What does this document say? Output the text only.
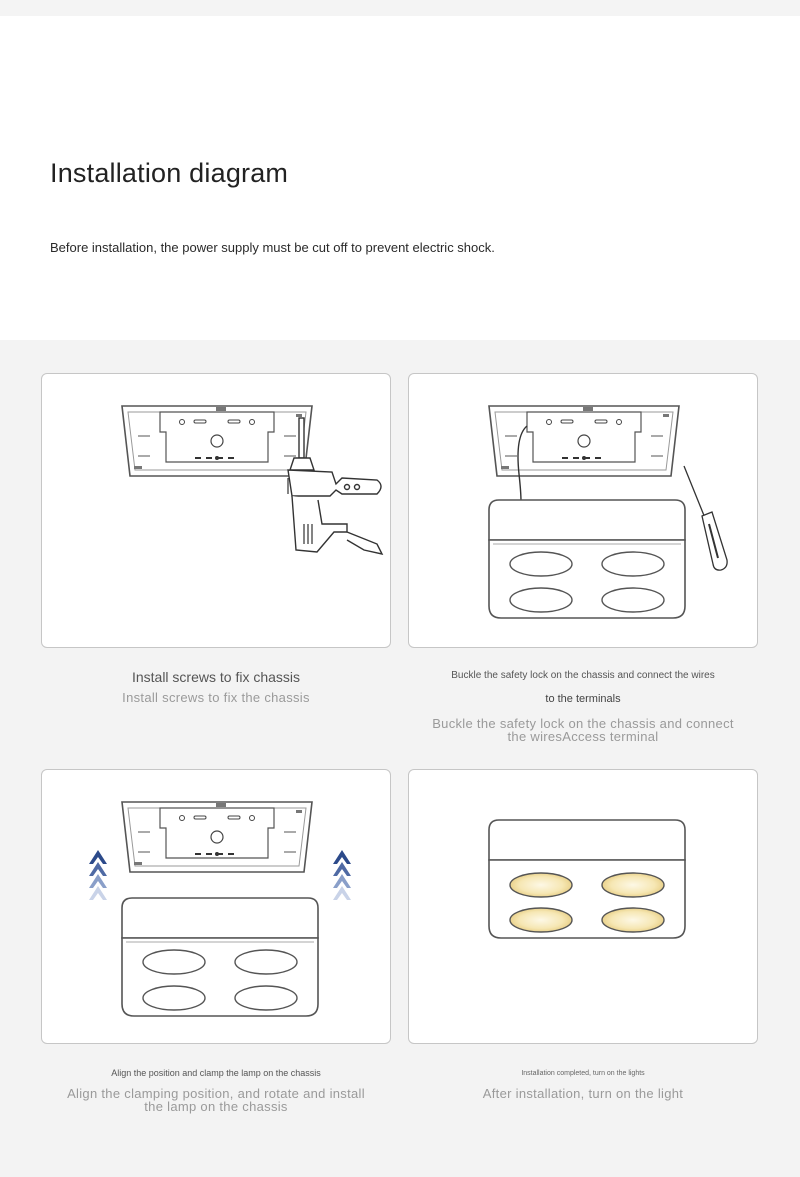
Installation diagram

Before installation, the power supply must be cut off to prevent electric shock.

Install screws to fix chassis

Install screws to fix the chassis

Buckle the safety lock on the chassis and connect the wires

to the terminals

Buckle the safety lock on the chassis and connect

the wiresAccess terminal

Align the position and clamp the lamp on the chassis

Align the clamping position, and rotate and install

the lamp on the chassis

Installation completed, turn on the lights

After installation, turn on the light
